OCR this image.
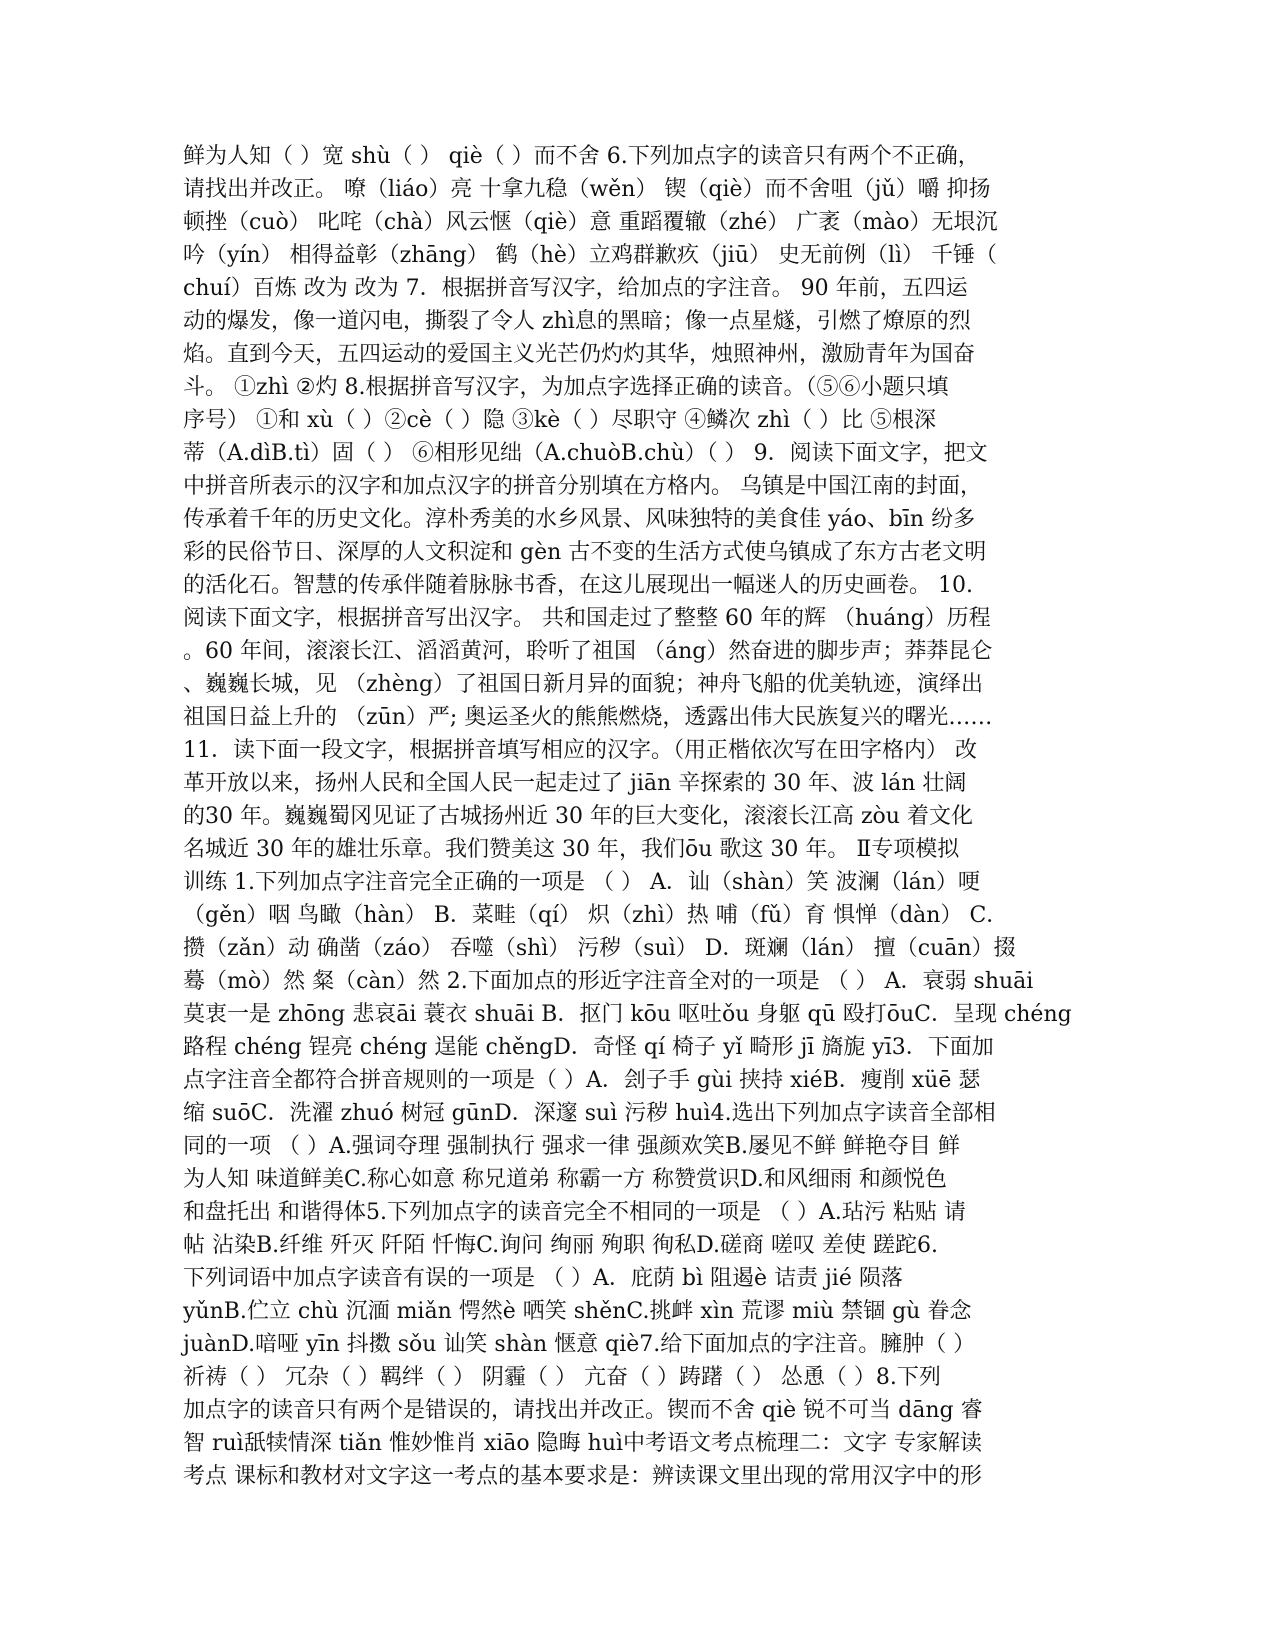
鲜为人知（ ）宽 shù（ ） qiè（ ）而不舍 6.下列加点字的读音只有两个不正确，
请找出并改正。 嘹（liáo）亮 十拿九稳（wěn） 锲（qiè）而不舍咀（jǔ）嚼 抑扬
顿挫（cuò） 叱咤（chà）风云惬（qiè）意 重蹈覆辙（zhé） 广袤（mào）无垠沉
吟（yín） 相得益彰（zhāng） 鹤（hè）立鸡群歉疚（jiū） 史无前例（lì） 千锤（
chuí）百炼 改为 改为 7．根据拼音写汉字，给加点的字注音。 90 年前，五四运
动的爆发，像一道闪电，撕裂了令人 zhì息的黑暗；像一点星燧，引燃了燎原的烈
焰。直到今天，五四运动的爱国主义光芒仍灼灼其华，烛照神州，激励青年为国奋
斗。 ①zhì ②灼 8.根据拼音写汉字，为加点字选择正确的读音。（⑤⑥小题只填
序号） ①和 xù（ ）②cè（ ）隐 ③kè（ ）尽职守 ④鳞次 zhì（ ）比 ⑤根深
蒂（A.dìB.tì）固（ ） ⑥相形见绌（A.chuòB.chù）（ ） 9．阅读下面文字，把文
中拼音所表示的汉字和加点汉字的拼音分别填在方格内。 乌镇是中国江南的封面，
传承着千年的历史文化。淳朴秀美的水乡风景、风味独特的美食佳 yáo、bīn 纷多
彩的民俗节日、深厚的人文积淀和 gèn 古不变的生活方式使乌镇成了东方古老文明
的活化石。智慧的传承伴随着脉脉书香，在这儿展现出一幅迷人的历史画卷。 10.
阅读下面文字，根据拼音写出汉字。 共和国走过了整整 60 年的辉 （huáng）历程
。60 年间，滚滚长江、滔滔黄河，聆听了祖国 （áng）然奋进的脚步声；莽莽昆仑
、巍巍长城，见 （zhèng）了祖国日新月异的面貌；神舟飞船的优美轨迹，演绎出
祖国日益上升的 （zūn）严; 奥运圣火的熊熊燃烧，透露出伟大民族复兴的曙光……
11．读下面一段文字，根据拼音填写相应的汉字。（用正楷依次写在田字格内） 改
革开放以来，扬州人民和全国人民一起走过了 jiān 辛探索的 30 年、波 lán 壮阔
的30 年。巍巍蜀冈见证了古城扬州近 30 年的巨大变化，滚滚长江高 zòu 着文化
名城近 30 年的雄壮乐章。我们赞美这 30 年，我们ōu 歌这 30 年。 Ⅱ专项模拟
训练 1.下列加点字注音完全正确的一项是 （ ） A．讪（shàn）笑 波澜（lán）哽
（gěn）咽 鸟瞰（hàn） B．菜畦（qí） 炽（zhì）热 哺（fǔ）育 惧惮（dàn） C．
攒（zǎn）动 确凿（záo） 吞噬（shì） 污秽（suì） D．斑斓（lán） 擅（cuān）掇
蓦（mò）然 粲（càn）然 2.下面加点的形近字注音全对的一项是 （ ） A．衰弱 shuāi
莫衷一是 zhōng 悲哀āi 蓑衣 shuāi B．抠门 kōu 呕吐ǒu 身躯 qū 殴打ōuC．呈现 chéng
路程 chéng 锃亮 chéng 逞能 chěngD．奇怪 qí 椅子 yǐ 畸形 jī 旖旎 yī3．下面加
点字注音全都符合拼音规则的一项是（ ）A．刽子手 gùi 挟持 xiéB．瘦削 xüē 瑟
缩 suōC．洗濯 zhuó 树冠 gūnD．深邃 suì 污秽 huì4.选出下列加点字读音全部相
同的一项 （ ）A.强词夺理 强制执行 强求一律 强颜欢笑B.屡见不鲜 鲜艳夺目 鲜
为人知 味道鲜美C.称心如意 称兄道弟 称霸一方 称赞赏识D.和风细雨 和颜悦色
和盘托出 和谐得体5.下列加点字的读音完全不相同的一项是 （ ）A.玷污 粘贴 请
帖 沾染B.纤维 歼灭 阡陌 忏悔C.询问 绚丽 殉职 徇私D.磋商 嗟叹 差使 蹉跎6.
下列词语中加点字读音有误的一项是 （ ）A．庇荫 bì 阻遏è 诘责 jié 陨落
yǔnB.伫立 chù 沉湎 miǎn 愕然è 哂笑 shěnC.挑衅 xìn 荒谬 miù 禁锢 gù 眷念
juànD.喑哑 yīn 抖擞 sǒu 讪笑 shàn 惬意 qiè7.给下面加点的字注音。臃肿（ ）
祈祷（ ） 冗杂（ ）羁绊（ ） 阴霾（ ） 亢奋（ ）踌躇（ ） 怂恿（ ）8.下列
加点字的读音只有两个是错误的，请找出并改正。锲而不舍 qiè 锐不可当 dāng 睿
智 ruì舐犊情深 tiǎn 惟妙惟肖 xiāo 隐晦 huì中考语文考点梳理二：文字 专家解读
考点 课标和教材对文字这一考点的基本要求是：辨读课文里出现的常用汉字中的形
